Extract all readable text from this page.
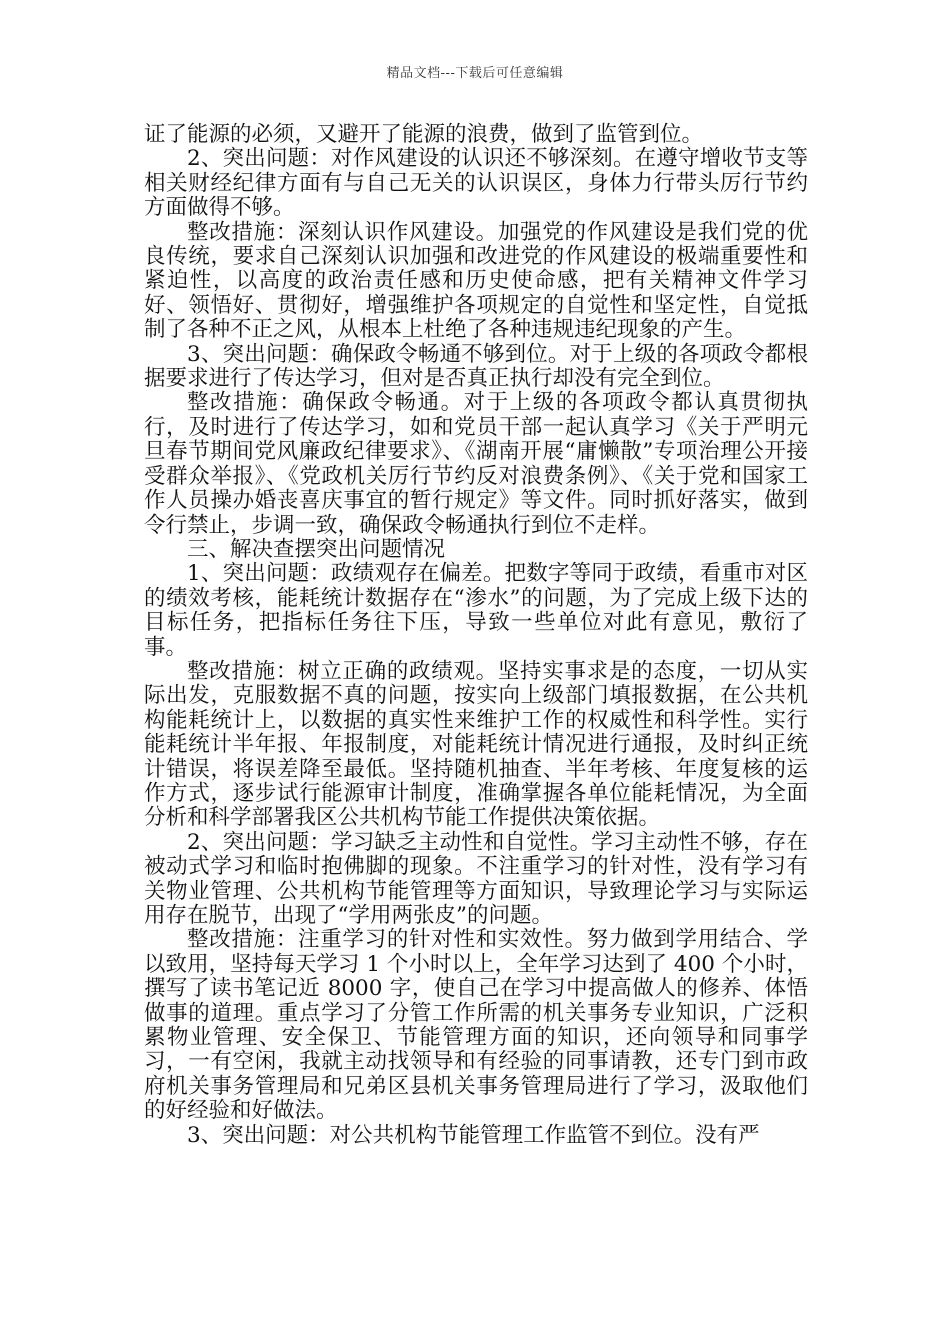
精品文档---下载后可任意编辑

证了能源的必须，又避开了能源的浪费，做到了监管到位。

2、突出问题：对作风建设的认识还不够深刻。在遵守增收节支等相关财经纪律方面有与自己无关的认识误区，身体力行带头厉行节约方面做得不够。

整改措施：深刻认识作风建设。加强党的作风建设是我们党的优良传统，要求自己深刻认识加强和改进党的作风建设的极端重要性和紧迫性，以高度的政治责任感和历史使命感，把有关精神文件学习好、领悟好、贯彻好，增强维护各项规定的自觉性和坚定性，自觉抵制了各种不正之风，从根本上杜绝了各种违规违纪现象的产生。

3、突出问题：确保政令畅通不够到位。对于上级的各项政令都根据要求进行了传达学习，但对是否真正执行却没有完全到位。

整改措施：确保政令畅通。对于上级的各项政令都认真贯彻执行，及时进行了传达学习，如和党员干部一起认真学习《关于严明元旦春节期间党风廉政纪律要求》、《湖南开展“庸懒散”专项治理公开接受群众举报》、《党政机关厉行节约反对浪费条例》、《关于党和国家工作人员操办婚丧喜庆事宜的暂行规定》等文件。同时抓好落实，做到令行禁止，步调一致，确保政令畅通执行到位不走样。

三、解决查摆突出问题情况

1、突出问题：政绩观存在偏差。把数字等同于政绩，看重市对区的绩效考核，能耗统计数据存在“渗水”的问题，为了完成上级下达的目标任务，把指标任务往下压，导致一些单位对此有意见，敷衍了事。

整改措施：树立正确的政绩观。坚持实事求是的态度，一切从实际出发，克服数据不真的问题，按实向上级部门填报数据，在公共机构能耗统计上，以数据的真实性来维护工作的权威性和科学性。实行能耗统计半年报、年报制度，对能耗统计情况进行通报，及时纠正统计错误，将误差降至最低。坚持随机抽查、半年考核、年度复核的运作方式，逐步试行能源审计制度，准确掌握各单位能耗情况，为全面分析和科学部署我区公共机构节能工作提供决策依据。

2、突出问题：学习缺乏主动性和自觉性。学习主动性不够，存在被动式学习和临时抱佛脚的现象。不注重学习的针对性，没有学习有关物业管理、公共机构节能管理等方面知识，导致理论学习与实际运用存在脱节，出现了“学用两张皮”的问题。

整改措施：注重学习的针对性和实效性。努力做到学用结合、学以致用，坚持每天学习 1 个小时以上，全年学习达到了 400 个小时，撰写了读书笔记近 8000 字，使自己在学习中提高做人的修养、体悟做事的道理。重点学习了分管工作所需的机关事务专业知识，广泛积累物业管理、安全保卫、节能管理方面的知识，还向领导和同事学习，一有空闲，我就主动找领导和有经验的同事请教，还专门到市政府机关事务管理局和兄弟区县机关事务管理局进行了学习，汲取他们的好经验和好做法。

3、突出问题：对公共机构节能管理工作监管不到位。没有严
